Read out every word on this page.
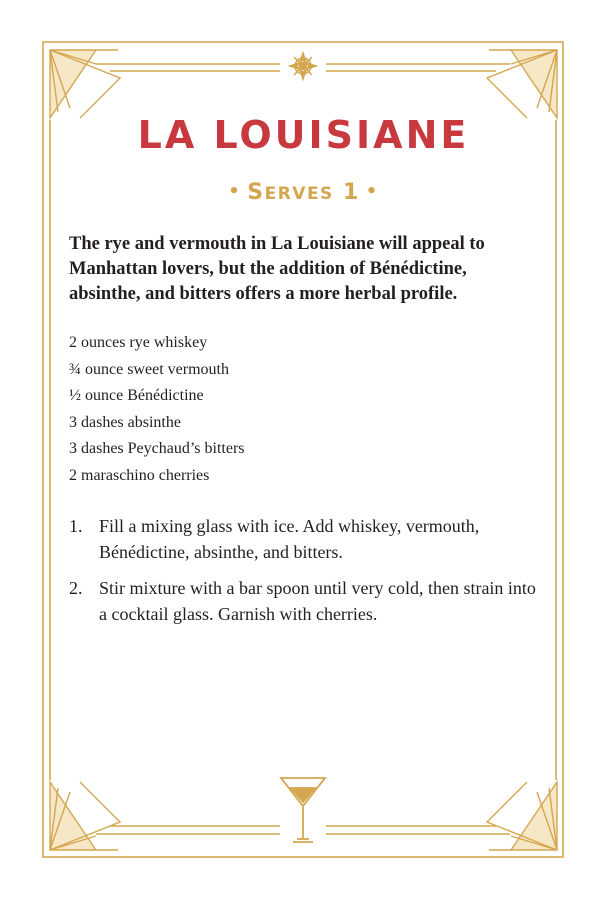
LA LOUISIANE
• SERVES 1 •

The rye and vermouth in La Louisiane will appeal to Manhattan lovers, but the addition of Bénédictine, absinthe, and bitters offers a more herbal profile.

2 ounces rye whiskey
¾ ounce sweet vermouth
½ ounce Bénédictine
3 dashes absinthe
3 dashes Peychaud’s bitters
2 maraschino cherries
1. Fill a mixing glass with ice. Add whiskey, vermouth, Bénédictine, absinthe, and bitters.
2. Stir mixture with a bar spoon until very cold, then strain into a cocktail glass. Garnish with cherries.
